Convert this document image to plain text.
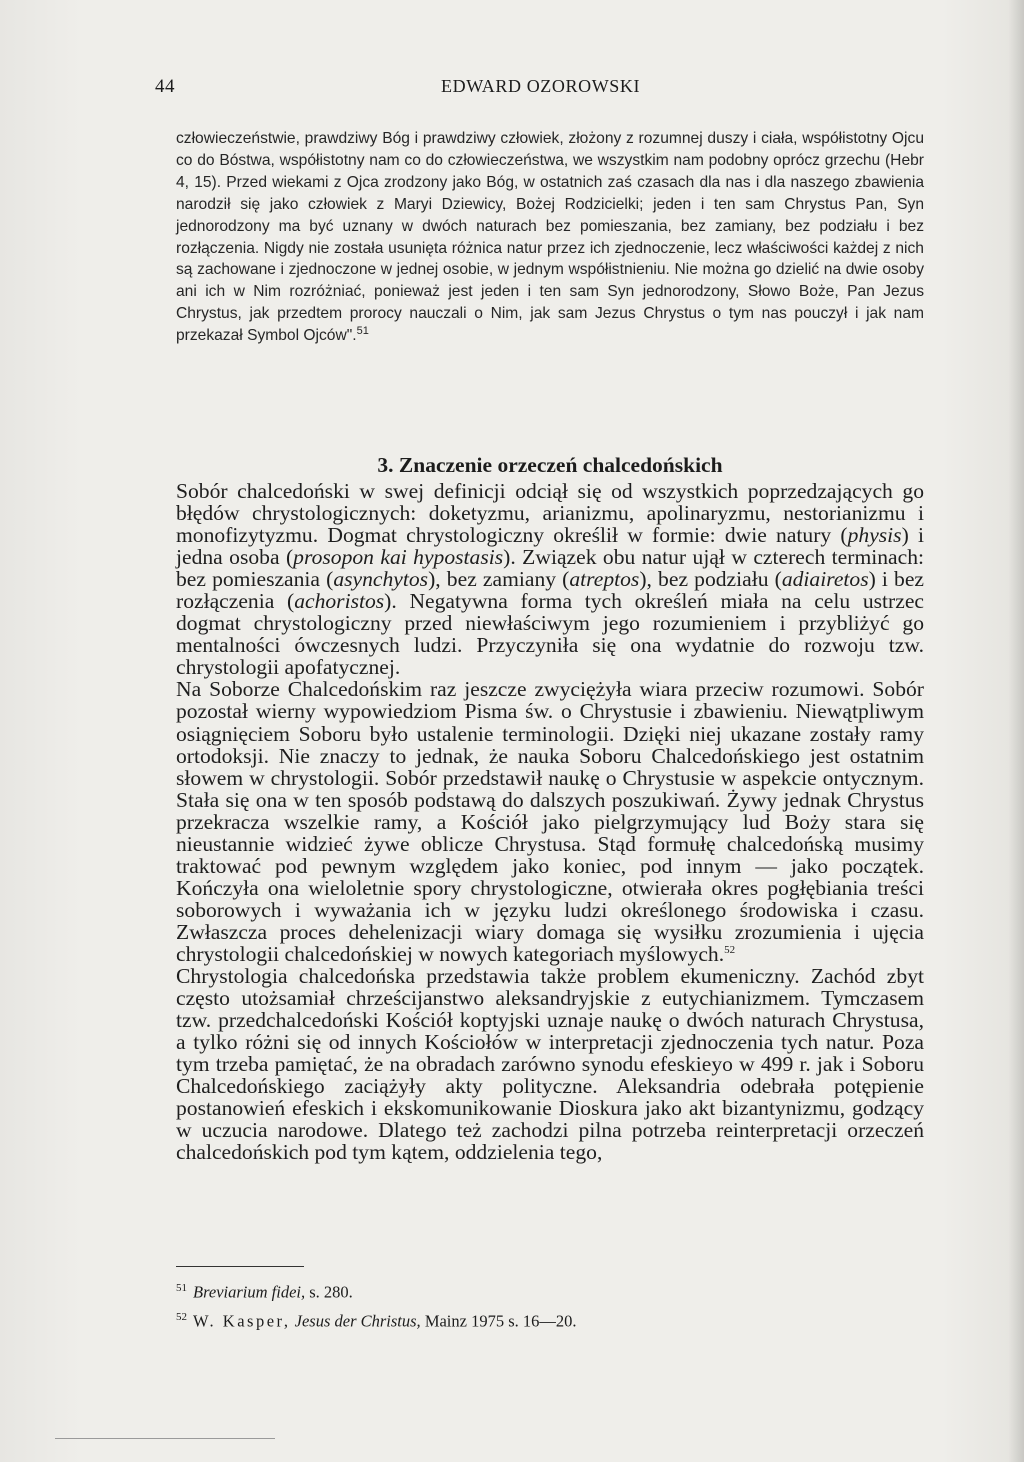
44	EDWARD OZOROWSKI

człowieczeństwie, prawdziwy Bóg i prawdziwy człowiek, złożony z rozumnej duszy i ciała, współistotny Ojcu co do Bóstwa, współistotny nam co do człowieczeństwa, we wszystkim nam podobny oprócz grzechu (Hebr 4, 15). Przed wiekami z Ojca zrodzony jako Bóg, w ostatnich zaś czasach dla nas i dla naszego zbawienia narodził się jako człowiek z Maryi Dziewicy, Bożej Rodzicielki; jeden i ten sam Chrystus Pan, Syn jednorodzony ma być uznany w dwóch naturach bez pomieszania, bez zamiany, bez podziału i bez rozłączenia. Nigdy nie została usunięta różnica natur przez ich zjednoczenie, lecz właściwości każdej z nich są zachowane i zjednoczone w jednej osobie, w jednym współistnieniu. Nie można go dzielić na dwie osoby ani ich w Nim rozróżniać, ponieważ jest jeden i ten sam Syn jednorodzony, Słowo Boże, Pan Jezus Chrystus, jak przedtem prorocy nauczali o Nim, jak sam Jezus Chrystus o tym nas pouczył i jak nam przekazał Symbol Ojców".$^{51}$

3. Znaczenie orzeczeń chalcedońskich

Sobór chalcedoński w swej definicji odciął się od wszystkich poprzedzających go błędów chrystologicznych: doketyzmu, arianizmu, apolinaryzmu, nestorianizmu i monofizytyzmu. Dogmat chrystologiczny określił w formie: dwie natury (physis) i jedna osoba (prosopon kai hypostasis). Związek obu natur ujął w czterech terminach: bez pomieszania (asynchytos), bez zamiany (atreptos), bez podziału (adiairetos) i bez rozłączenia (achoristos). Negatywna forma tych określeń miała na celu ustrzec dogmat chrystologiczny przed niewłaściwym jego rozumieniem i przybliżyć go mentalności ówczesnych ludzi. Przyczyniła się ona wydatnie do rozwoju tzw. chrystologii apofatycznej.

Na Soborze Chalcedońskim raz jeszcze zwyciężyła wiara przeciw rozumowi. Sobór pozostał wierny wypowiedziom Pisma św. o Chrystusie i zbawieniu. Niewątpliwym osiągnięciem Soboru było ustalenie terminologii. Dzięki niej ukazane zostały ramy ortodoksji. Nie znaczy to jednak, że nauka Soboru Chalcedońskiego jest ostatnim słowem w chrystologii. Sobór przedstawił naukę o Chrystusie w aspekcie ontycznym. Stała się ona w ten sposób podstawą do dalszych poszukiwań. Żywy jednak Chrystus przekracza wszelkie ramy, a Kościół jako pielgrzymujący lud Boży stara się nieustannie widzieć żywe oblicze Chrystusa. Stąd formułę chalcedońską musimy traktować pod pewnym względem jako koniec, pod innym — jako początek. Kończyła ona wieloletnie spory chrystologiczne, otwierała okres pogłębiania treści soborowych i wyważania ich w języku ludzi określonego środowiska i czasu. Zwłaszcza proces dehelenizacji wiary domaga się wysiłku zrozumienia i ujęcia chrystologii chalcedońskiej w nowych kategoriach myślowych.$^{52}$

Chrystologia chalcedońska przedstawia także problem ekumeniczny. Zachód zbyt często utożsamiał chrześcijanstwo aleksandryjskie z eutychianizmem. Tymczasem tzw. przedchalcedoński Kościół koptyjski uznaje naukę o dwóch naturach Chrystusa, a tylko różni się od innych Kościołów w interpretacji zjednoczenia tych natur. Poza tym trzeba pamiętać, że na obradach zarówno synodu efeskieyo w 499 r. jak i Soboru Chalcedońskiego zaciążyły akty polityczne. Aleksandria odebrała potępienie postanowień efeskich i ekskomunikowanie Dioskura jako akt bizantynizmu, godzący w uczucia narodowe. Dlatego też zachodzi pilna potrzeba reinterpretacji orzeczeń chalcedońskich pod tym kątem, oddzielenia tego,

$^{51}$ Breviarium fidei, s. 280.

$^{52}$ W. Kasper, Jesus der Christus, Mainz 1975 s. 16—20.
